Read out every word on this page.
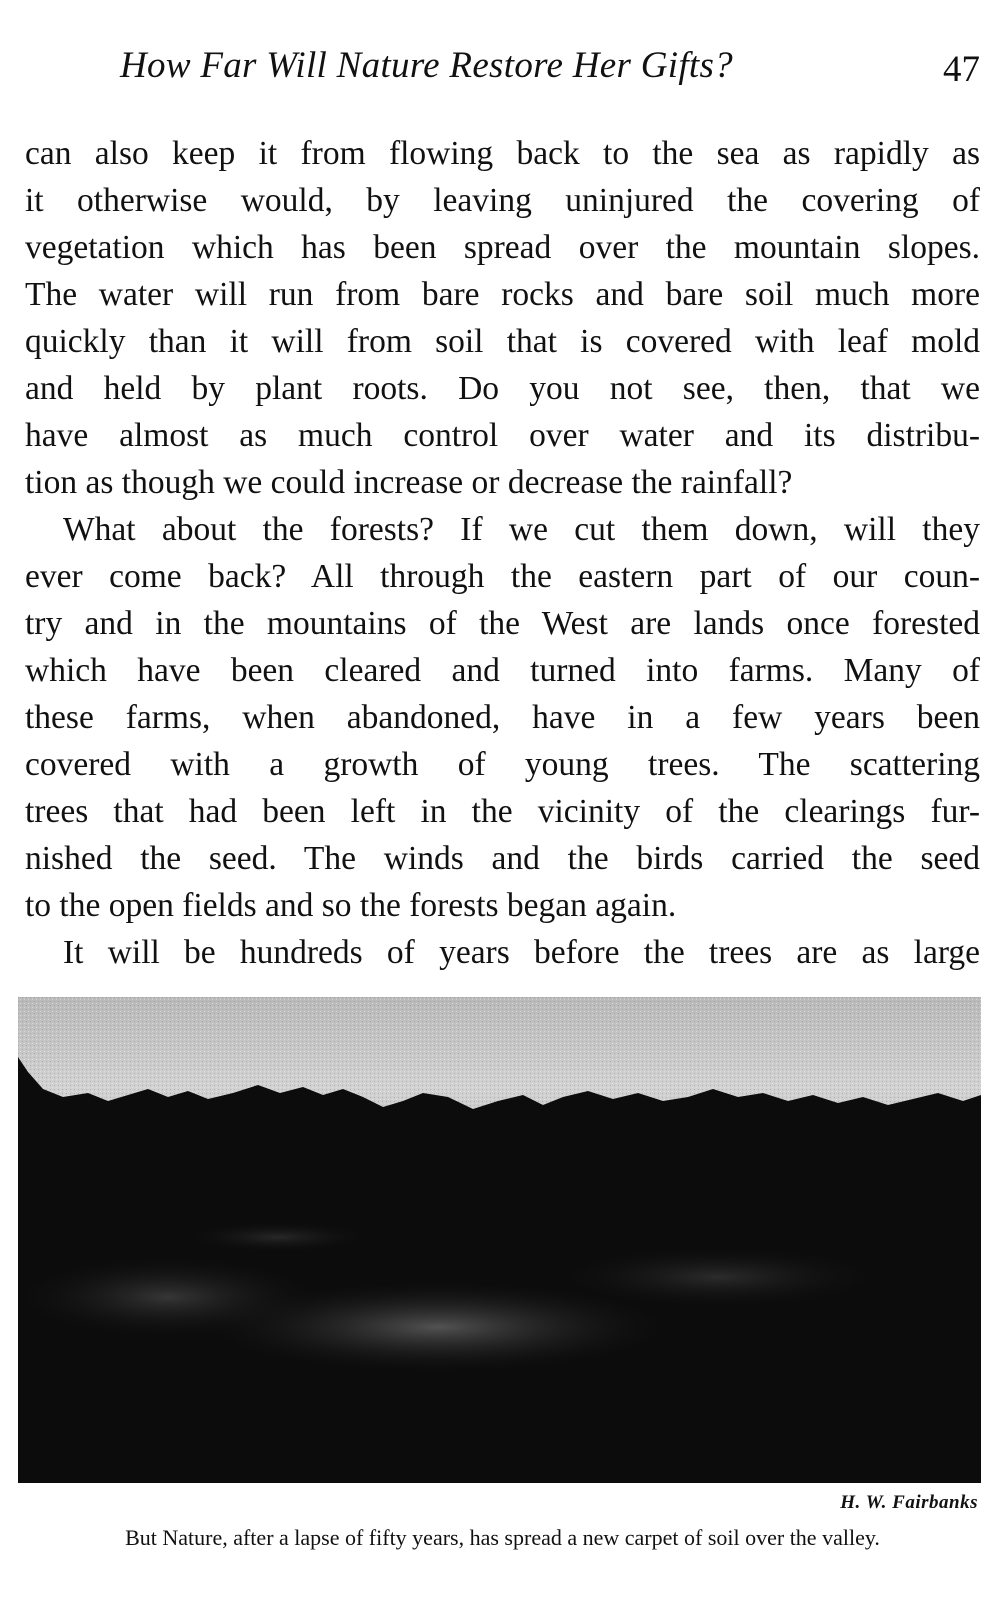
How Far Will Nature Restore Her Gifts?	47
can also keep it from flowing back to the sea as rapidly as
it otherwise would, by leaving uninjured the covering of
vegetation which has been spread over the mountain slopes.
The water will run from bare rocks and bare soil much more
quickly than it will from soil that is covered with leaf mold
and held by plant roots. Do you not see, then, that we
have almost as much control over water and its distribu-
tion as though we could increase or decrease the rainfall?
What about the forests? If we cut them down, will they
ever come back? All through the eastern part of our coun-
try and in the mountains of the West are lands once forested
which have been cleared and turned into farms. Many of
these farms, when abandoned, have in a few years been
covered with a growth of young trees. The scattering
trees that had been left in the vicinity of the clearings fur-
nished the seed. The winds and the birds carried the seed
to the open fields and so the forests began again.
It will be hundreds of years before the trees are as large
H. W. Fairbanks
But Nature, after a lapse of fifty years, has spread a new carpet of soil over the valley.
